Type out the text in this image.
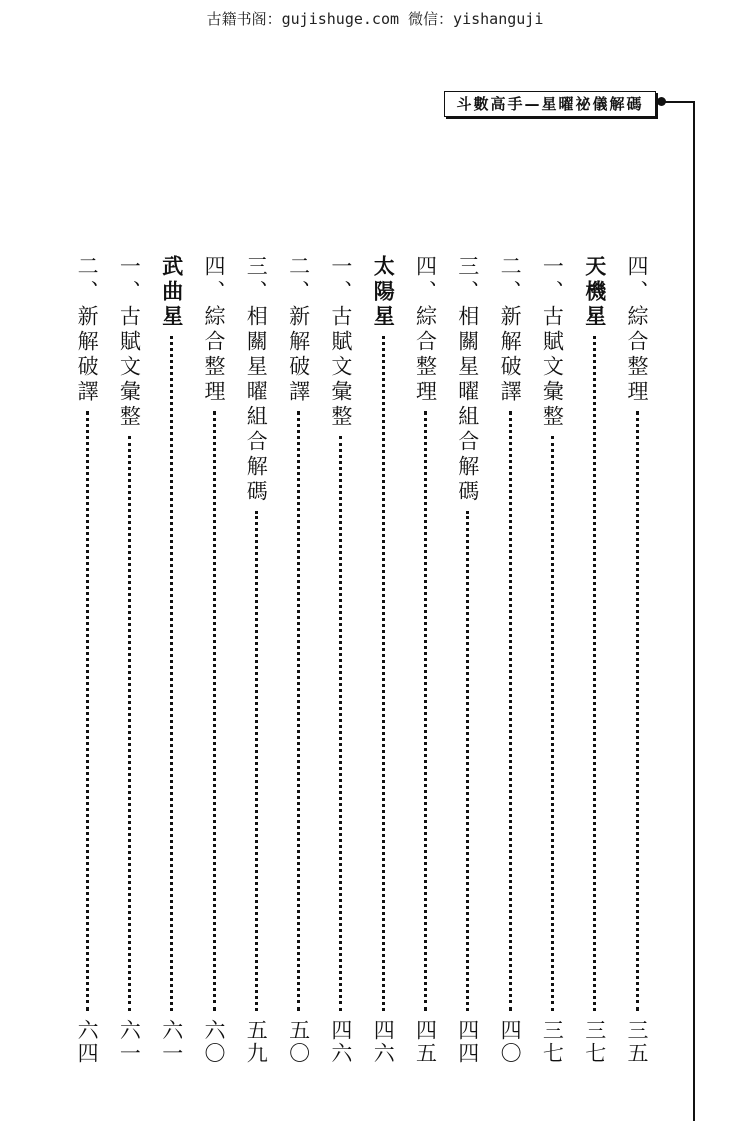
古籍书阁：gujishuge.com 微信：yishanguji
斗數高手—星曜祕儀解碼
四、綜合整理
三五
天機星
三七
一、古賦文彙整
三七
二、新解破譯
四〇
三、相關星曜組合解碼
四四
四、綜合整理
四五
太陽星
四六
一、古賦文彙整
四六
二、新解破譯
五〇
三、相關星曜組合解碼
五九
四、綜合整理
六〇
武曲星
六一
一、古賦文彙整
六一
二、新解破譯
六四
